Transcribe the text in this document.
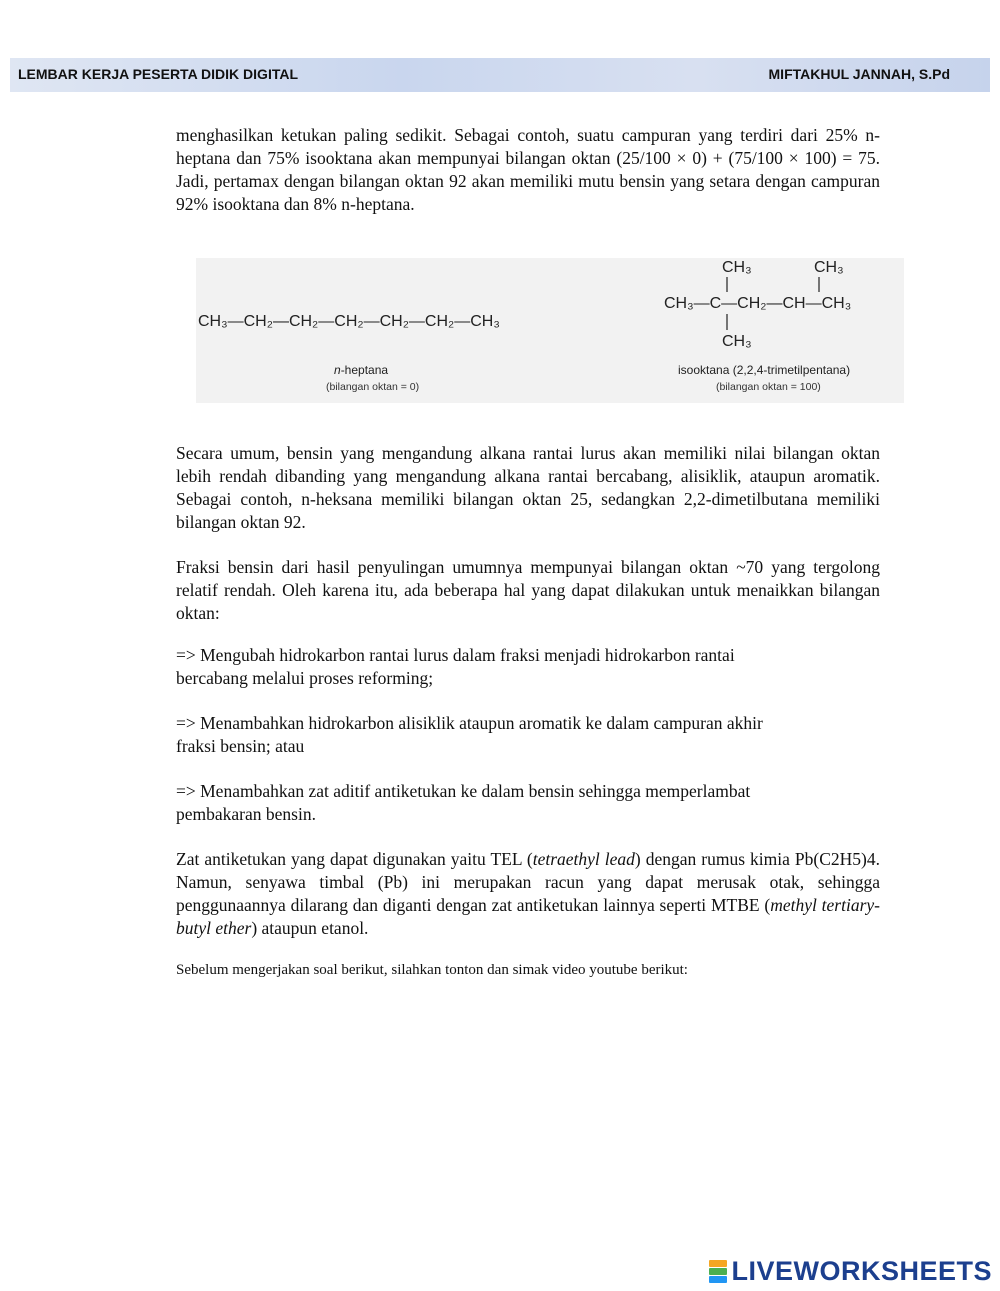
LEMBAR KERJA PESERTA DIDIK DIGITAL	MIFTAKHUL JANNAH, S.Pd

menghasilkan ketukan paling sedikit. Sebagai contoh, suatu campuran yang terdiri dari 25% n-heptana dan 75% isooktana akan mempunyai bilangan oktan (25/100 × 0) + (75/100 × 100) = 75. Jadi, pertamax dengan bilangan oktan 92 akan memiliki mutu bensin yang setara dengan campuran 92% isooktana dan 8% n-heptana.

Secara umum, bensin yang mengandung alkana rantai lurus akan memiliki nilai bilangan oktan lebih rendah dibanding yang mengandung alkana rantai bercabang, alisiklik, ataupun aromatik. Sebagai contoh, n-heksana memiliki bilangan oktan 25, sedangkan 2,2-dimetilbutana memiliki bilangan oktan 92.

Fraksi bensin dari hasil penyulingan umumnya mempunyai bilangan oktan ~70 yang tergolong relatif rendah. Oleh karena itu, ada beberapa hal yang dapat dilakukan untuk menaikkan bilangan oktan:

=> Mengubah hidrokarbon rantai lurus dalam fraksi menjadi hidrokarbon rantai
bercabang melalui proses reforming;
=> Menambahkan hidrokarbon alisiklik ataupun aromatik ke dalam campuran akhir
fraksi bensin; atau
=> Menambahkan zat aditif antiketukan ke dalam bensin sehingga memperlambat
pembakaran bensin.

Zat antiketukan yang dapat digunakan yaitu TEL (tetraethyl lead) dengan rumus kimia Pb(C2H5)4. Namun, senyawa timbal (Pb) ini merupakan racun yang dapat merusak otak, sehingga penggunaannya dilarang dan diganti dengan zat antiketukan lainnya seperti MTBE (methyl tertiary-butyl ether) ataupun etanol.

Sebelum mengerjakan soal berikut, silahkan tonton dan simak video youtube berikut:

CH₃—CH₂—CH₂—CH₂—CH₂—CH₂—CH₃
n-heptana
(bilangan oktan = 0)
CH₃	CH₃
CH₃—C—CH₂—CH—CH₃
CH₃
isooktana (2,2,4-trimetilpentana)
(bilangan oktan = 100)
LIVEWORKSHEETS
